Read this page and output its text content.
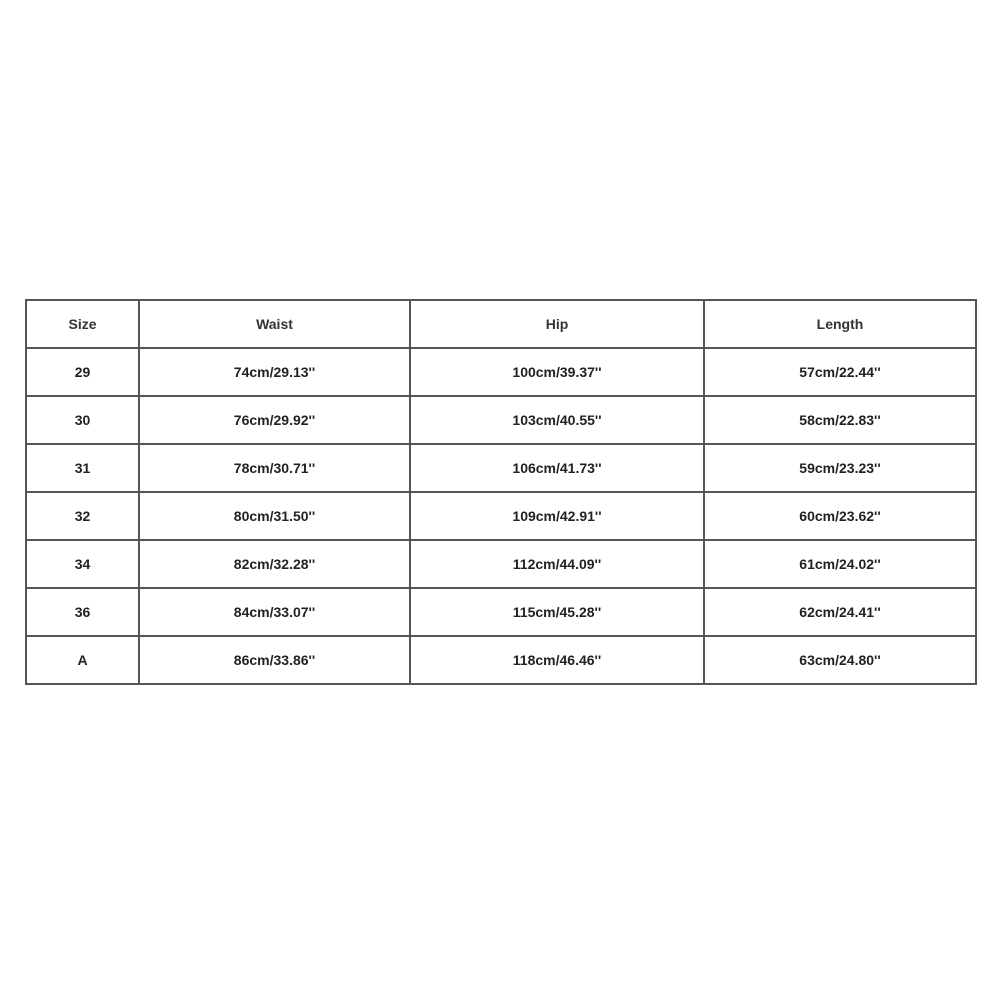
Size	Waist	Hip	Length
29	74cm/29.13''	100cm/39.37''	57cm/22.44''
30	76cm/29.92''	103cm/40.55''	58cm/22.83''
31	78cm/30.71''	106cm/41.73''	59cm/23.23''
32	80cm/31.50''	109cm/42.91''	60cm/23.62''
34	82cm/32.28''	112cm/44.09''	61cm/24.02''
36	84cm/33.07''	115cm/45.28''	62cm/24.41''
A	86cm/33.86''	118cm/46.46''	63cm/24.80''
